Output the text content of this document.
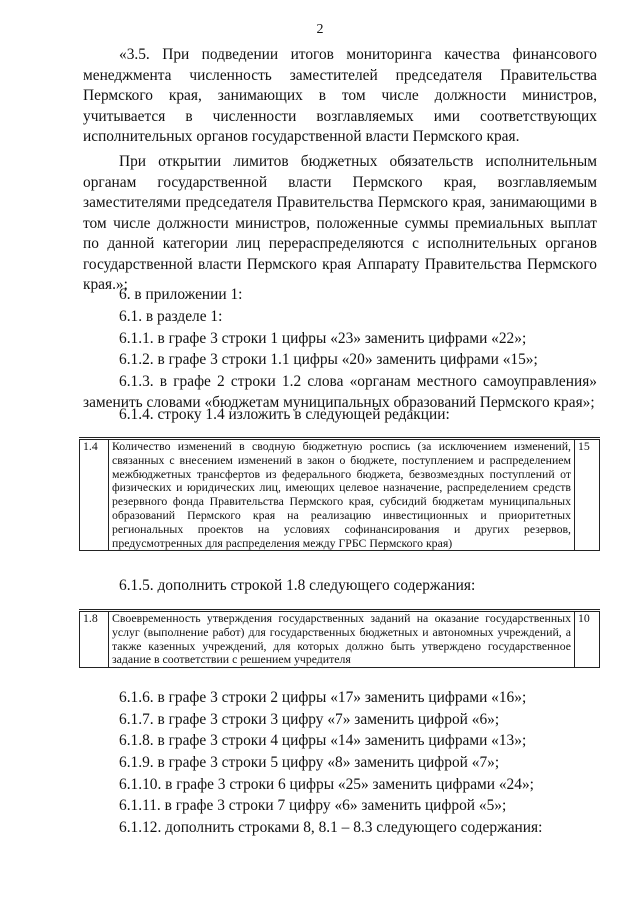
2
«3.5. При подведении итогов мониторинга качества финансового менеджмента численность заместителей председателя Правительства Пермского края, занимающих в том числе должности министров, учитывается в численности возглавляемых ими соответствующих исполнительных органов государственной власти Пермского края.
При открытии лимитов бюджетных обязательств исполнительным органам государственной власти Пермского края, возглавляемым заместителями председателя Правительства Пермского края, занимающими в том числе должности министров, положенные суммы премиальных выплат по данной категории лиц перераспределяются с исполнительных органов государственной власти Пермского края Аппарату Правительства Пермского края.»;
6. в приложении 1:
6.1. в разделе 1:
6.1.1. в графе 3 строки 1 цифры «23» заменить цифрами «22»;
6.1.2. в графе 3 строки 1.1 цифры «20» заменить цифрами «15»;
6.1.3. в графе 2 строки 1.2 слова «органам местного самоуправления» заменить словами «бюджетам муниципальных образований Пермского края»;
6.1.4. строку 1.4 изложить в следующей редакции:
1.4	Количество изменений в сводную бюджетную роспись (за исключением изменений, связанных с внесением изменений в закон о бюджете, поступлением и распределением межбюджетных трансфертов из федерального бюджета, безвозмездных поступлений от физических и юридических лиц, имеющих целевое назначение, распределением средств резервного фонда Правительства Пермского края, субсидий бюджетам муниципальных образований Пермского края на реализацию инвестиционных и приоритетных региональных проектов на условиях софинансирования и других резервов, предусмотренных для распределения между ГРБС Пермского края)	15
6.1.5. дополнить строкой 1.8 следующего содержания:
1.8	Своевременность утверждения государственных заданий на оказание государственных услуг (выполнение работ) для государственных бюджетных и автономных учреждений, а также казенных учреждений, для которых должно быть утверждено государственное задание в соответствии с решением учредителя	10
6.1.6. в графе 3 строки 2 цифры «17» заменить цифрами «16»;
6.1.7. в графе 3 строки 3 цифру «7» заменить цифрой «6»;
6.1.8. в графе 3 строки 4 цифры «14» заменить цифрами «13»;
6.1.9. в графе 3 строки 5 цифру «8» заменить цифрой «7»;
6.1.10. в графе 3 строки 6 цифры «25» заменить цифрами «24»;
6.1.11. в графе 3 строки 7 цифру «6» заменить цифрой «5»;
6.1.12. дополнить строками 8, 8.1 – 8.3 следующего содержания:
